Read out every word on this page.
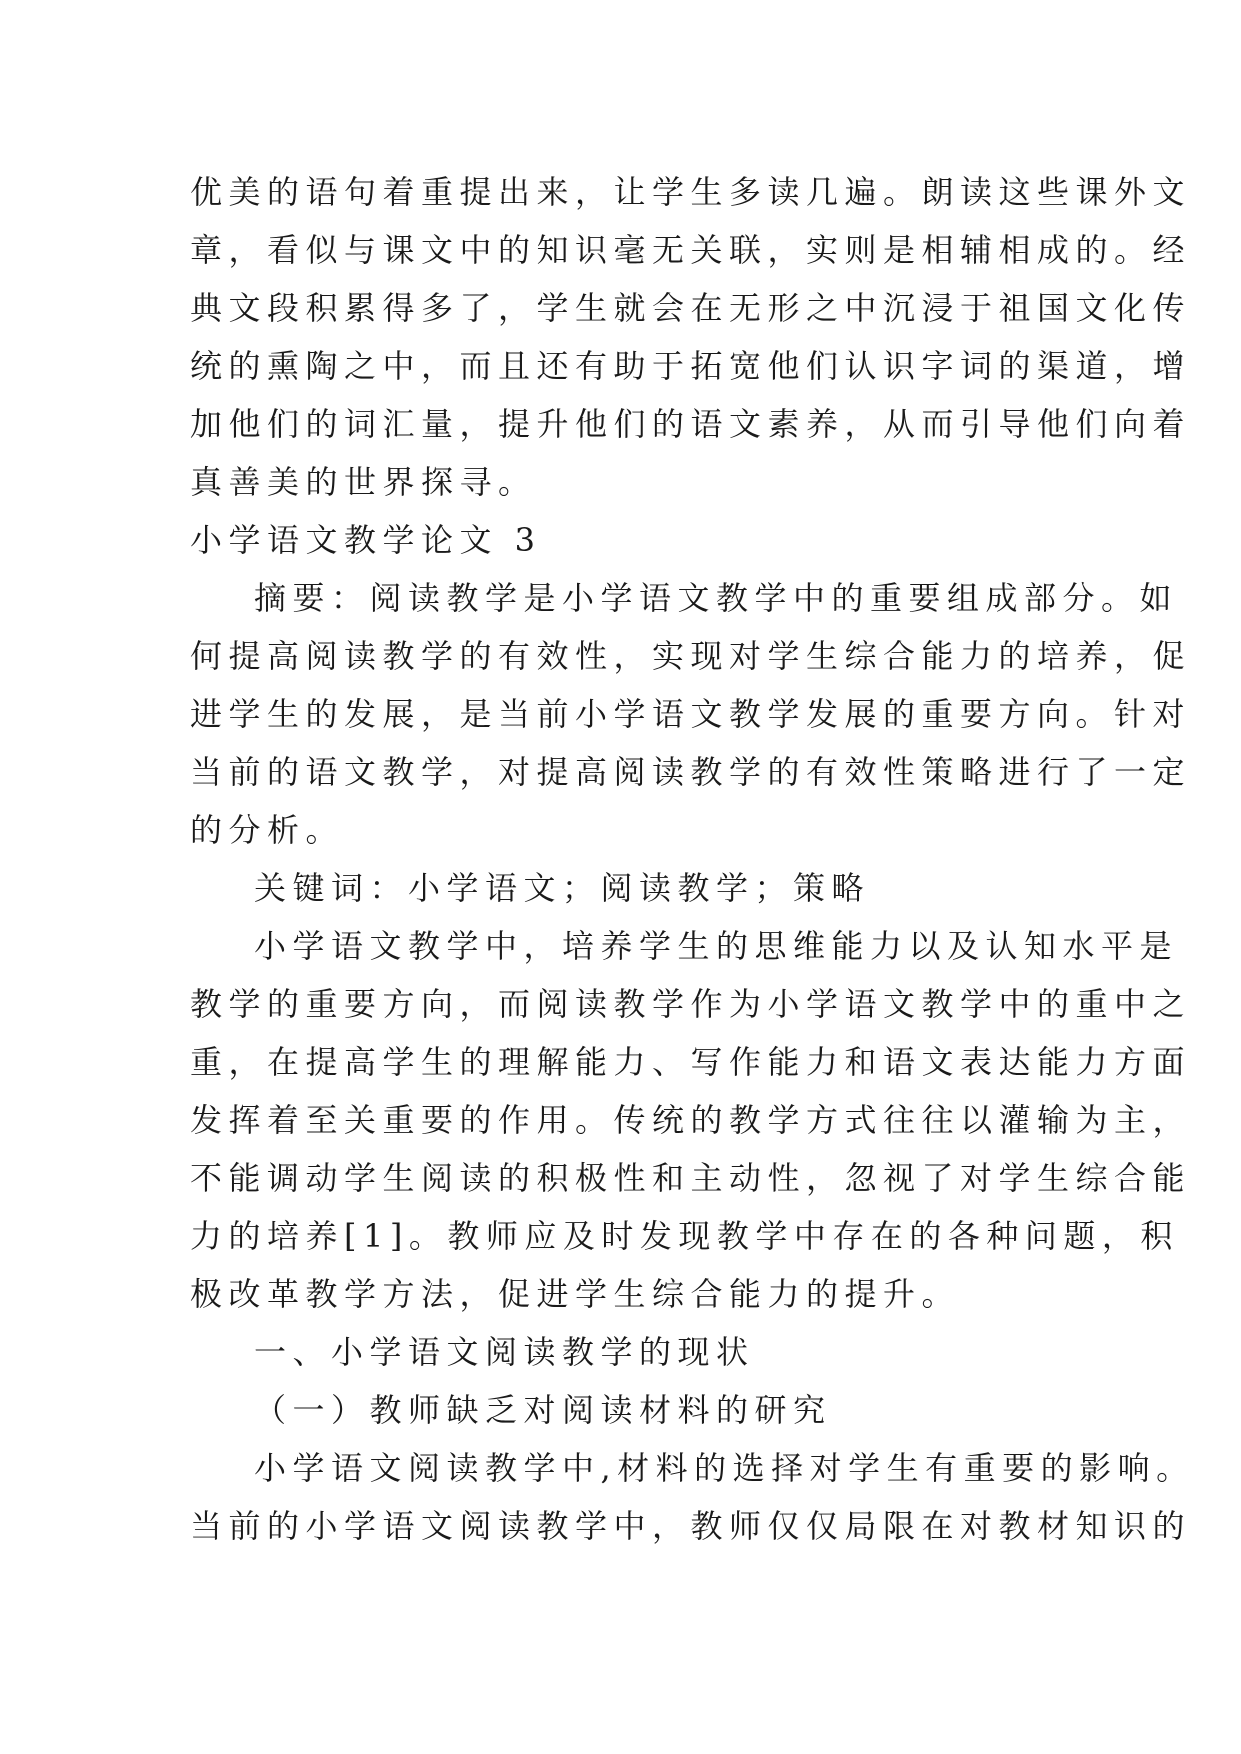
优美的语句着重提出来，让学生多读几遍。朗读这些课外文
章，看似与课文中的知识毫无关联，实则是相辅相成的。经
典文段积累得多了，学生就会在无形之中沉浸于祖国文化传
统的熏陶之中，而且还有助于拓宽他们认识字词的渠道，增
加他们的词汇量，提升他们的语文素养，从而引导他们向着
真善美的世界探寻。
小学语文教学论文 3
摘要：阅读教学是小学语文教学中的重要组成部分。如
何提高阅读教学的有效性，实现对学生综合能力的培养，促
进学生的发展，是当前小学语文教学发展的重要方向。针对
当前的语文教学，对提高阅读教学的有效性策略进行了一定
的分析。
关键词：小学语文；阅读教学；策略
小学语文教学中，培养学生的思维能力以及认知水平是
教学的重要方向，而阅读教学作为小学语文教学中的重中之
重，在提高学生的理解能力、写作能力和语文表达能力方面
发挥着至关重要的作用。传统的教学方式往往以灌输为主，
不能调动学生阅读的积极性和主动性，忽视了对学生综合能
力的培养[1]。教师应及时发现教学中存在的各种问题，积
极改革教学方法，促进学生综合能力的提升。
一、小学语文阅读教学的现状
（一）教师缺乏对阅读材料的研究
小学语文阅读教学中,材料的选择对学生有重要的影响。
当前的小学语文阅读教学中，教师仅仅局限在对教材知识的
